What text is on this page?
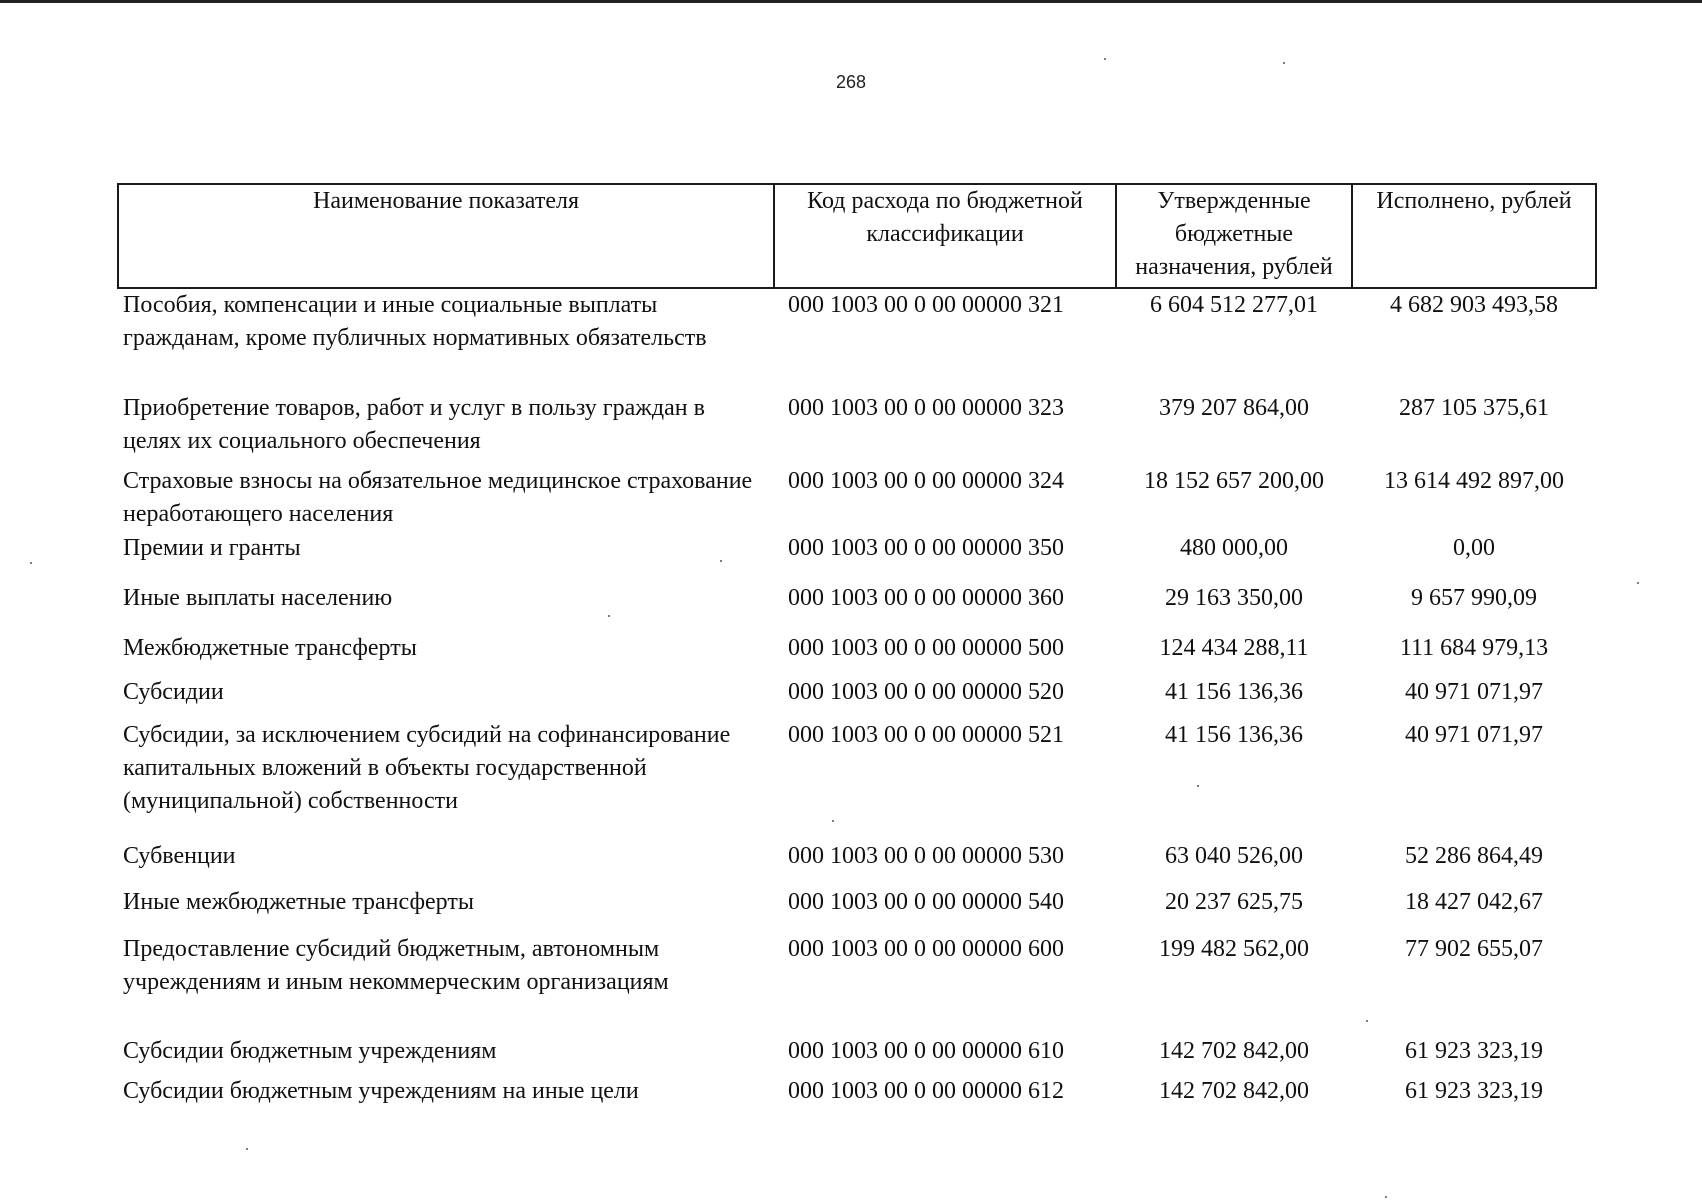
268
Наименование показателя	Код расхода по бюджетной классификации	Утвержденные бюджетные назначения, рублей	Исполнено, рублей
Пособия, компенсации и иные социальные выплаты гражданам, кроме публичных нормативных обязательств	000 1003 00 0 00 00000 321	6 604 512 277,01	4 682 903 493,58
Приобретение товаров, работ и услуг в пользу граждан в целях их социального обеспечения	000 1003 00 0 00 00000 323	379 207 864,00	287 105 375,61
Страховые взносы на обязательное медицинское страхование неработающего населения	000 1003 00 0 00 00000 324	18 152 657 200,00	13 614 492 897,00
Премии и гранты	000 1003 00 0 00 00000 350	480 000,00	0,00
Иные выплаты населению	000 1003 00 0 00 00000 360	29 163 350,00	9 657 990,09
Межбюджетные трансферты	000 1003 00 0 00 00000 500	124 434 288,11	111 684 979,13
Субсидии	000 1003 00 0 00 00000 520	41 156 136,36	40 971 071,97
Субсидии, за исключением субсидий на софинансирование капитальных вложений в объекты государственной (муниципальной) собственности	000 1003 00 0 00 00000 521	41 156 136,36	40 971 071,97
Субвенции	000 1003 00 0 00 00000 530	63 040 526,00	52 286 864,49
Иные межбюджетные трансферты	000 1003 00 0 00 00000 540	20 237 625,75	18 427 042,67
Предоставление субсидий бюджетным, автономным учреждениям и иным некоммерческим организациям	000 1003 00 0 00 00000 600	199 482 562,00	77 902 655,07
Субсидии бюджетным учреждениям	000 1003 00 0 00 00000 610	142 702 842,00	61 923 323,19
Субсидии бюджетным учреждениям на иные цели	000 1003 00 0 00 00000 612	142 702 842,00	61 923 323,19
